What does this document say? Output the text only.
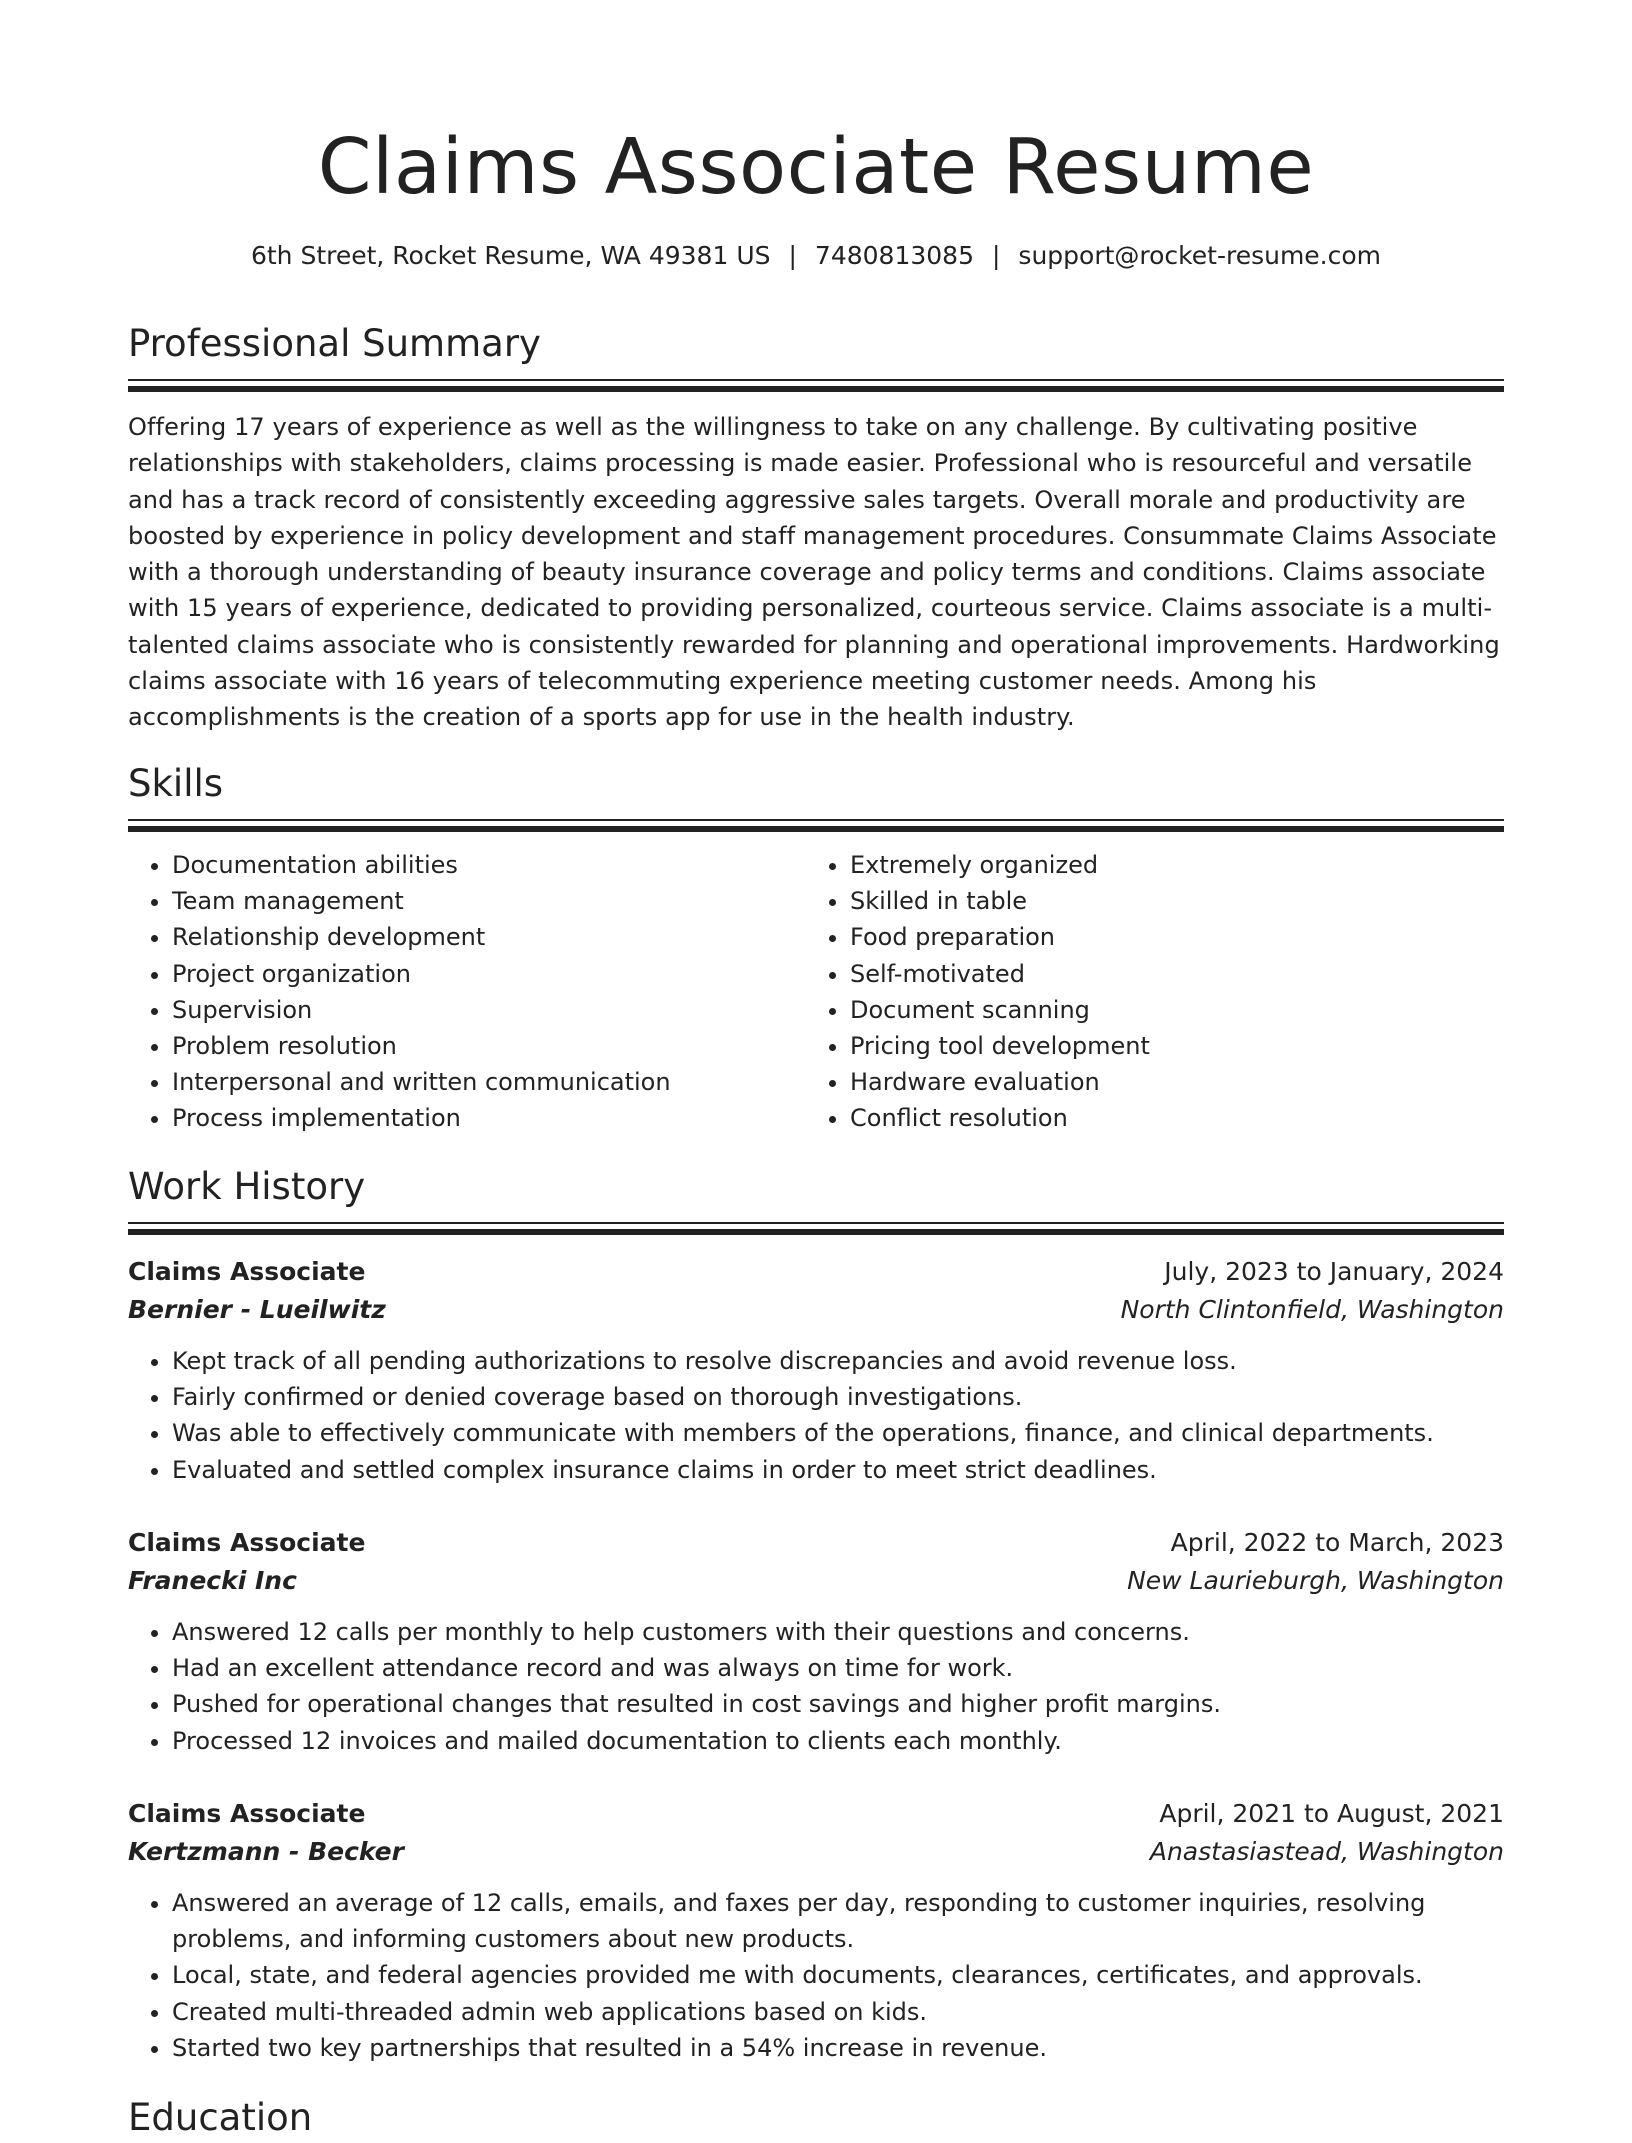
Claims Associate Resume
6th Street, Rocket Resume, WA 49381 US | 7480813085 | support@rocket-resume.com
Professional Summary

Offering 17 years of experience as well as the willingness to take on any challenge. By cultivating positive relationships with stakeholders, claims processing is made easier. Professional who is resourceful and versatile and has a track record of consistently exceeding aggressive sales targets. Overall morale and productivity are boosted by experience in policy development and staff management procedures. Consummate Claims Associate with a thorough understanding of beauty insurance coverage and policy terms and conditions. Claims associate with 15 years of experience, dedicated to providing personalized, courteous service. Claims associate is a multi-talented claims associate who is consistently rewarded for planning and operational improvements. Hardworking claims associate with 16 years of telecommuting experience meeting customer needs. Among his accomplishments is the creation of a sports app for use in the health industry.

Skills
• Documentation abilities
• Team management
• Relationship development
• Project organization
• Supervision
• Problem resolution
• Interpersonal and written communication
• Process implementation
• Extremely organized
• Skilled in table
• Food preparation
• Self-motivated
• Document scanning
• Pricing tool development
• Hardware evaluation
• Conflict resolution
Work History
Claims Associate	July, 2023 to January, 2024
Bernier - Lueilwitz	North Clintonfield, Washington
• Kept track of all pending authorizations to resolve discrepancies and avoid revenue loss.
• Fairly confirmed or denied coverage based on thorough investigations.
• Was able to effectively communicate with members of the operations, finance, and clinical departments.
• Evaluated and settled complex insurance claims in order to meet strict deadlines.
Claims Associate	April, 2022 to March, 2023
Franecki Inc	New Laurieburgh, Washington
• Answered 12 calls per monthly to help customers with their questions and concerns.
• Had an excellent attendance record and was always on time for work.
• Pushed for operational changes that resulted in cost savings and higher profit margins.
• Processed 12 invoices and mailed documentation to clients each monthly.
Claims Associate	April, 2021 to August, 2021
Kertzmann - Becker	Anastasiastead, Washington
• Answered an average of 12 calls, emails, and faxes per day, responding to customer inquiries, resolving problems, and informing customers about new products.
• Local, state, and federal agencies provided me with documents, clearances, certificates, and approvals.
• Created multi-threaded admin web applications based on kids.
• Started two key partnerships that resulted in a 54% increase in revenue.
Education
